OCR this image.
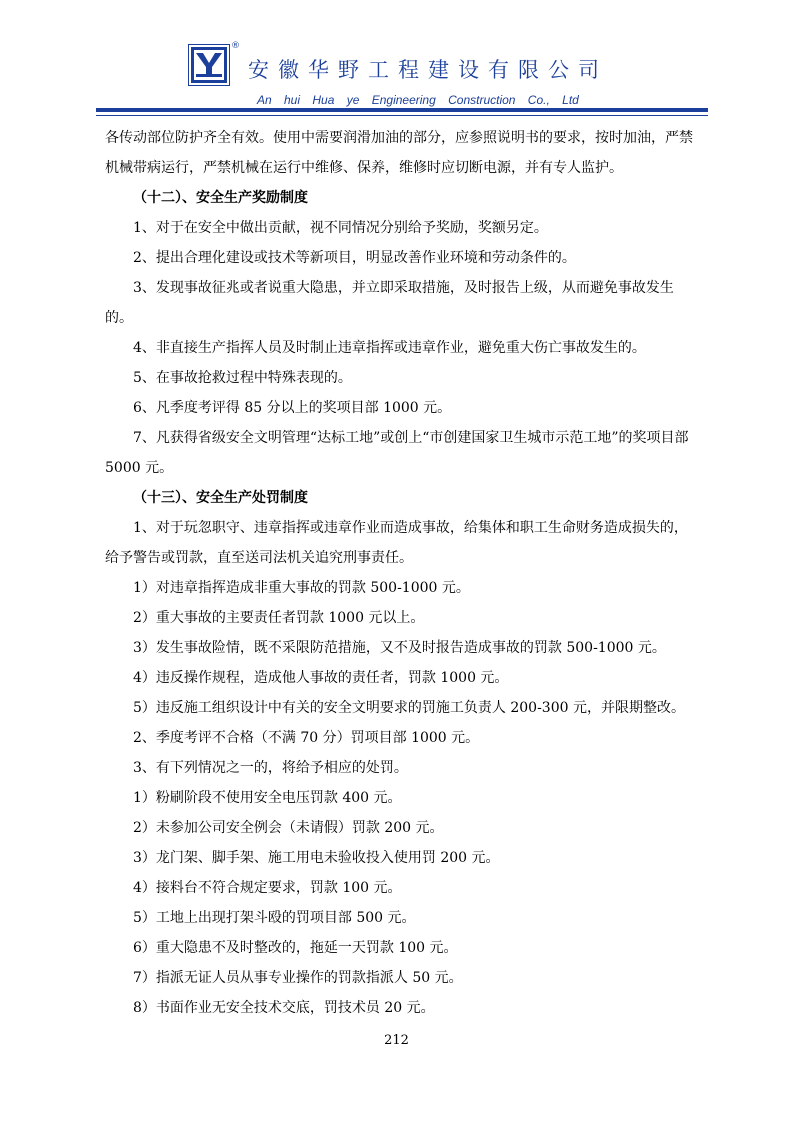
®
安徽华野工程建设有限公司
An hui Hua ye Engineering Construction Co., Ltd

各传动部位防护齐全有效。使用中需要润滑加油的部分，应参照说明书的要求，按时加油，严禁机械带病运行，严禁机械在运行中维修、保养，维修时应切断电源，并有专人监护。

（十二）、安全生产奖励制度

1、对于在安全中做出贡献，视不同情况分别给予奖励，奖额另定。

2、提出合理化建设或技术等新项目，明显改善作业环境和劳动条件的。

3、发现事故征兆或者说重大隐患，并立即采取措施，及时报告上级，从而避免事故发生的。

4、非直接生产指挥人员及时制止违章指挥或违章作业，避免重大伤亡事故发生的。

5、在事故抢救过程中特殊表现的。

6、凡季度考评得 85 分以上的奖项目部 1000 元。

7、凡获得省级安全文明管理“达标工地”或创上“市创建国家卫生城市示范工地”的奖项目部 5000 元。

（十三）、安全生产处罚制度

1、对于玩忽职守、违章指挥或违章作业而造成事故，给集体和职工生命财务造成损失的，给予警告或罚款，直至送司法机关追究刑事责任。

1）对违章指挥造成非重大事故的罚款 500-1000 元。

2）重大事故的主要责任者罚款 1000 元以上。

3）发生事故险情，既不采限防范措施，又不及时报告造成事故的罚款 500-1000 元。

4）违反操作规程，造成他人事故的责任者，罚款 1000 元。

5）违反施工组织设计中有关的安全文明要求的罚施工负责人 200-300 元，并限期整改。

2、季度考评不合格（不满 70 分）罚项目部 1000 元。

3、有下列情况之一的，将给予相应的处罚。

1）粉刷阶段不使用安全电压罚款 400 元。

2）未参加公司安全例会（未请假）罚款 200 元。

3）龙门架、脚手架、施工用电未验收投入使用罚 200 元。

4）接料台不符合规定要求，罚款 100 元。

5）工地上出现打架斗殴的罚项目部 500 元。

6）重大隐患不及时整改的，拖延一天罚款 100 元。

7）指派无证人员从事专业操作的罚款指派人 50 元。

8）书面作业无安全技术交底，罚技术员 20 元。

212
